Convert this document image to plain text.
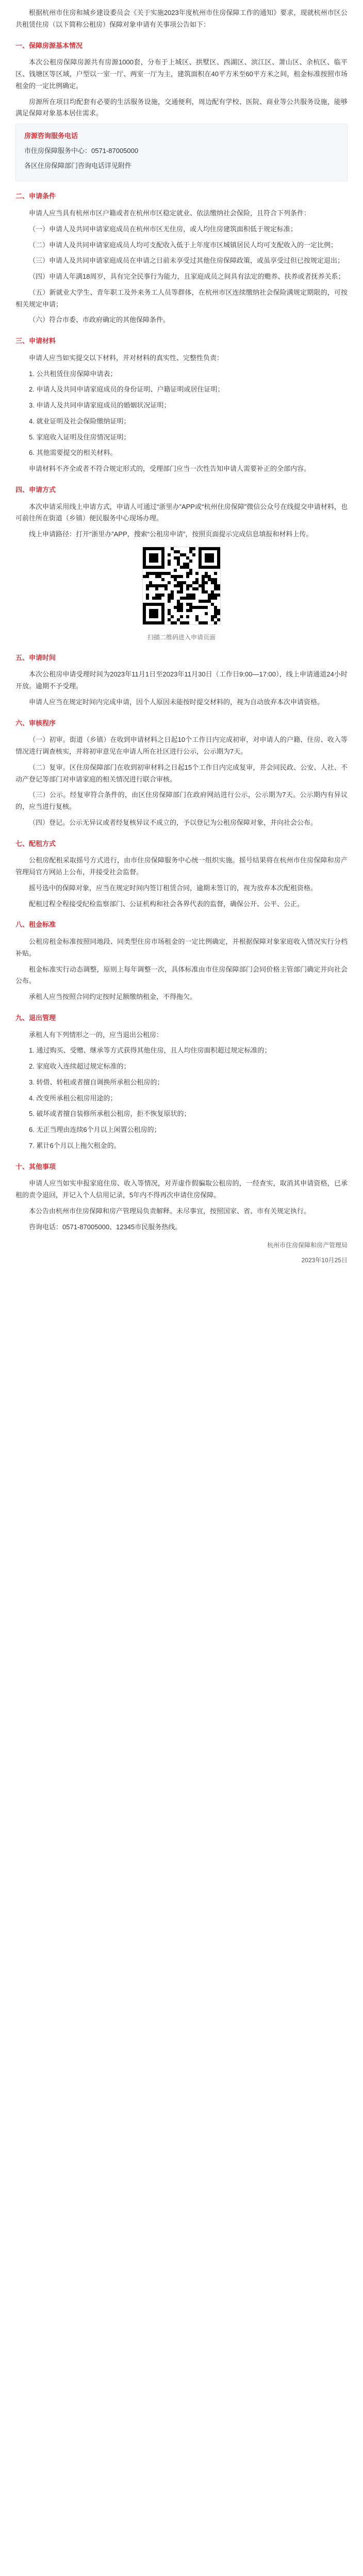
根据杭州市住房和城乡建设委员会《关于实施2023年度杭州市住房保障工作的通知》要求，现就杭州市区公共租赁住房（以下简称公租房）保障对象申请有关事项公告如下：

一、保障房源基本情况

本次公租房保障房源共有房源1000套，分布于上城区、拱墅区、西湖区、滨江区、萧山区、余杭区、临平区、钱塘区等区域，户型以一室一厅、两室一厅为主，建筑面积在40平方米至60平方米之间，租金标准按照市场租金的一定比例确定。

房源所在项目均配套有必要的生活服务设施，交通便利，周边配有学校、医院、商业等公共服务设施，能够满足保障对象基本居住需求。

房源咨询服务电话

市住房保障服务中心：0571-87005000

各区住房保障部门咨询电话详见附件

二、申请条件

申请人应当具有杭州市区户籍或者在杭州市区稳定就业、依法缴纳社会保险，且符合下列条件：

（一）申请人及共同申请家庭成员在杭州市区无住房，或人均住房建筑面积低于规定标准；

（二）申请人及共同申请家庭成员人均可支配收入低于上年度市区城镇居民人均可支配收入的一定比例；

（三）申请人及共同申请家庭成员在申请之日前未享受过其他住房保障政策，或虽享受过但已按规定退出；

（四）申请人年满18周岁，具有完全民事行为能力，且家庭成员之间具有法定的赡养、扶养或者抚养关系；

（五）新就业大学生、青年职工及外来务工人员等群体，在杭州市区连续缴纳社会保险满规定期限的，可按相关规定申请；

（六）符合市委、市政府确定的其他保障条件。

三、申请材料

申请人应当如实提交以下材料，并对材料的真实性、完整性负责：

1. 公共租赁住房保障申请表；

2. 申请人及共同申请家庭成员的身份证明、户籍证明或居住证明；

3. 申请人及共同申请家庭成员的婚姻状况证明；

4. 就业证明及社会保险缴纳证明；

5. 家庭收入证明及住房情况证明；

6. 其他需要提交的相关材料。

申请材料不齐全或者不符合规定形式的，受理部门应当一次性告知申请人需要补正的全部内容。

四、申请方式

本次申请采用线上申请方式，申请人可通过“浙里办”APP或“杭州住房保障”微信公众号在线提交申请材料，也可前往所在街道（乡镇）便民服务中心现场办理。

线上申请路径：打开“浙里办”APP，搜索“公租房申请”，按照页面提示完成信息填报和材料上传。

扫描二维码进入申请页面

五、申请时间

本次公租房申请受理时间为2023年11月1日至2023年11月30日（工作日9:00—17:00），线上申请通道24小时开放。逾期不予受理。

申请人应当在规定时间内完成申请，因个人原因未能按时提交材料的，视为自动放弃本次申请资格。

六、审核程序

（一）初审。街道（乡镇）在收到申请材料之日起10个工作日内完成初审，对申请人的户籍、住房、收入等情况进行调查核实，并将初审意见在申请人所在社区进行公示，公示期为7天。

（二）复审。区住房保障部门在收到初审材料之日起15个工作日内完成复审，并会同民政、公安、人社、不动产登记等部门对申请家庭的相关情况进行联合审核。

（三）公示。经复审符合条件的，由区住房保障部门在政府网站进行公示，公示期为7天。公示期内有异议的，应当进行复核。

（四）登记。公示无异议或者经复核异议不成立的，予以登记为公租房保障对象，并向社会公布。

七、配租方式

公租房配租采取摇号方式进行，由市住房保障服务中心统一组织实施。摇号结果将在杭州市住房保障和房产管理局官方网站上公布，并接受社会监督。

摇号选中的保障对象，应当在规定时间内签订租赁合同，逾期未签订的，视为放弃本次配租资格。

配租过程全程接受纪检监察部门、公证机构和社会各界代表的监督，确保公开、公平、公正。

八、租金标准

公租房租金标准按照同地段、同类型住房市场租金的一定比例确定，并根据保障对象家庭收入情况实行分档补贴。

租金标准实行动态调整，原则上每年调整一次，具体标准由市住房保障部门会同价格主管部门确定并向社会公布。

承租人应当按照合同约定按时足额缴纳租金，不得拖欠。

九、退出管理

承租人有下列情形之一的，应当退出公租房：

1. 通过购买、受赠、继承等方式获得其他住房，且人均住房面积超过规定标准的；

2. 家庭收入连续超过规定标准的；

3. 转借、转租或者擅自调换所承租公租房的；

4. 改变所承租公租房用途的；

5. 破坏或者擅自装修所承租公租房，拒不恢复原状的；

6. 无正当理由连续6个月以上闲置公租房的；

7. 累计6个月以上拖欠租金的。

十、其他事项

申请人应当如实申报家庭住房、收入等情况，对弄虚作假骗取公租房的，一经查实，取消其申请资格，已承租的责令退回，并记入个人信用记录，5年内不得再次申请住房保障。

本公告由杭州市住房保障和房产管理局负责解释。未尽事宜，按照国家、省、市有关规定执行。

咨询电话：0571-87005000、12345市民服务热线。

杭州市住房保障和房产管理局

2023年10月25日
